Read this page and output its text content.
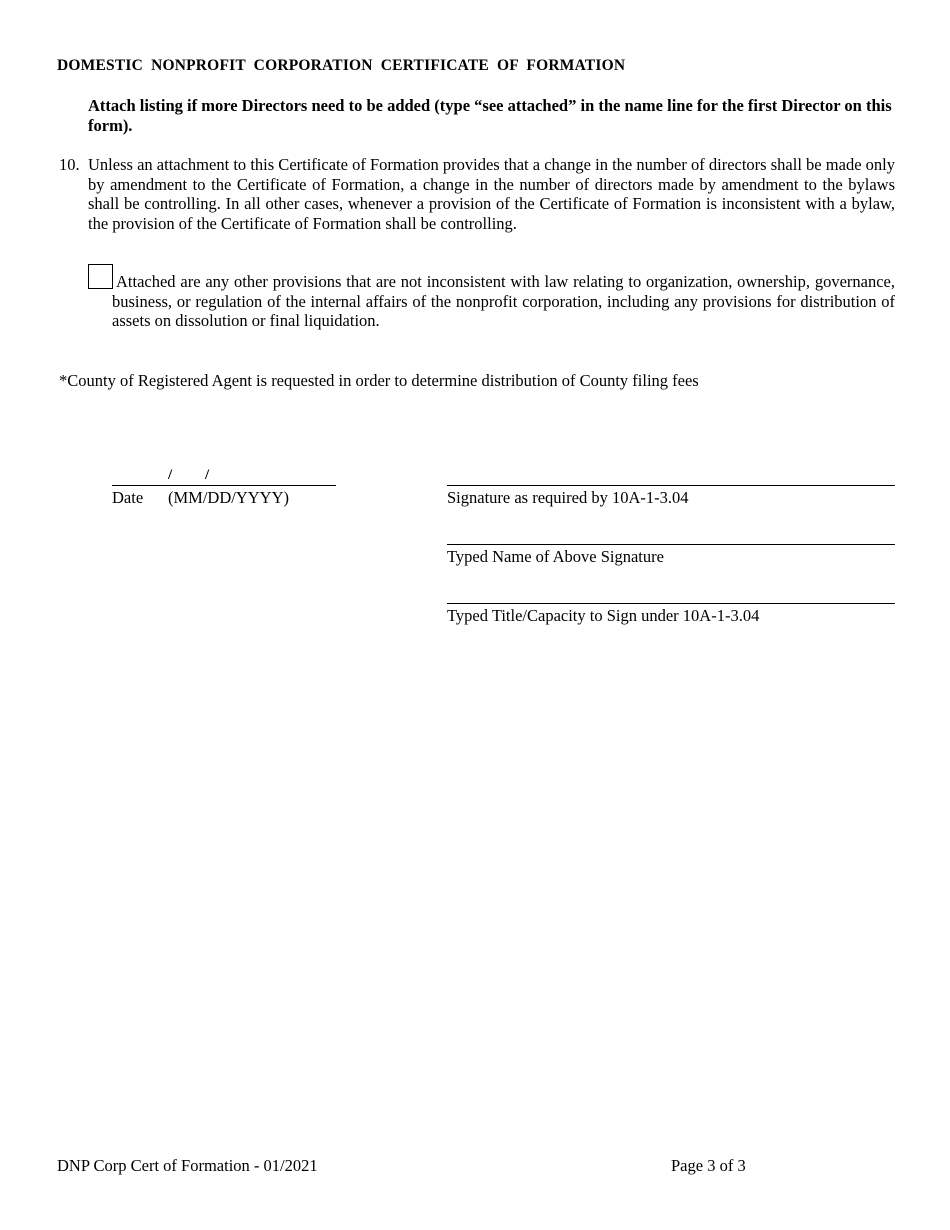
DOMESTIC NONPROFIT CORPORATION CERTIFICATE OF FORMATION
Attach listing if more Directors need to be added (type “see attached” in the name line for the first Director on this form).
10. Unless an attachment to this Certificate of Formation provides that a change in the number of directors shall be made only by amendment to the Certificate of Formation, a change in the number of directors made by amendment to the bylaws shall be controlling. In all other cases, whenever a provision of the Certificate of Formation is inconsistent with a bylaw, the provision of the Certificate of Formation shall be controlling.
Attached are any other provisions that are not inconsistent with law relating to organization, ownership, governance, business, or regulation of the internal affairs of the nonprofit corporation, including any provisions for distribution of assets on dissolution or final liquidation.
*County of Registered Agent is requested in order to determine distribution of County filing fees
/ /
Date (MM/DD/YYYY)	Signature as required by 10A-1-3.04
Typed Name of Above Signature
Typed Title/Capacity to Sign under 10A-1-3.04
DNP Corp Cert of Formation - 01/2021	Page 3 of 3
